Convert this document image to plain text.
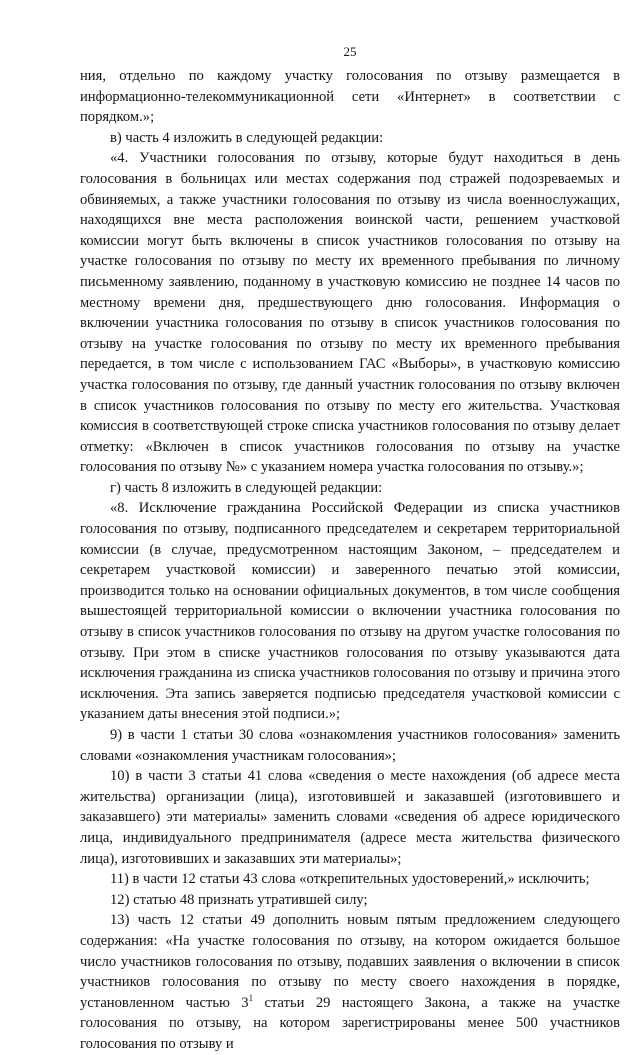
25

ния, отдельно по каждому участку голосования по отзыву размещается в информационно-телекоммуникационной сети «Интернет» в соответствии с порядком.»;

в) часть 4 изложить в следующей редакции:

«4. Участники голосования по отзыву, которые будут находиться в день голосования в больницах или местах содержания под стражей подозреваемых и обвиняемых, а также участники голосования по отзыву из числа военнослужащих, находящихся вне места расположения воинской части, решением участковой комиссии могут быть включены в список участников голосования по отзыву на участке голосования по отзыву по месту их временного пребывания по личному письменному заявлению, поданному в участковую комиссию не позднее 14 часов по местному времени дня, предшествующего дню голосования. Информация о включении участника голосования по отзыву в список участников голосования по отзыву на участке голосования по отзыву по месту их временного пребывания передается, в том числе с использованием ГАС «Выборы», в участковую комиссию участка голосования по отзыву, где данный участник голосования по отзыву включен в список участников голосования по отзыву по месту его жительства. Участковая комиссия в соответствующей строке списка участников голосования по отзыву делает отметку: «Включен в список участников голосования по отзыву на участке голосования по отзыву №» с указанием номера участка голосования по отзыву.»;

г) часть 8 изложить в следующей редакции:

«8. Исключение гражданина Российской Федерации из списка участников голосования по отзыву, подписанного председателем и секретарем территориальной комиссии (в случае, предусмотренном настоящим Законом, – председателем и секретарем участковой комиссии) и заверенного печатью этой комиссии, производится только на основании официальных документов, в том числе сообщения вышестоящей территориальной комиссии о включении участника голосования по отзыву в список участников голосования по отзыву на другом участке голосования по отзыву. При этом в списке участников голосования по отзыву указываются дата исключения гражданина из списка участников голосования по отзыву и причина этого исключения. Эта запись заверяется подписью председателя участковой комиссии с указанием даты внесения этой подписи.»;

9) в части 1 статьи 30 слова «ознакомления участников голосования» заменить словами «ознакомления участникам голосования»;

10) в части 3 статьи 41 слова «сведения о месте нахождения (об адресе места жительства) организации (лица), изготовившей и заказавшей (изготовившего и заказавшего) эти материалы» заменить словами «сведения об адресе юридического лица, индивидуального предпринимателя (адресе места жительства физического лица), изготовивших и заказавших эти материалы»;

11) в части 12 статьи 43 слова «открепительных удостоверений,» исключить;

12) статью 48 признать утратившей силу;

13) часть 12 статьи 49 дополнить новым пятым предложением следующего содержания: «На участке голосования по отзыву, на котором ожидается большое число участников голосования по отзыву, подавших заявления о включении в список участников голосования по отзыву по месту своего нахождения в порядке, установленном частью $3^1$ статьи 29 настоящего Закона, а также на участке голосования по отзыву, на котором зарегистрированы менее 500 участников голосования по отзыву и
